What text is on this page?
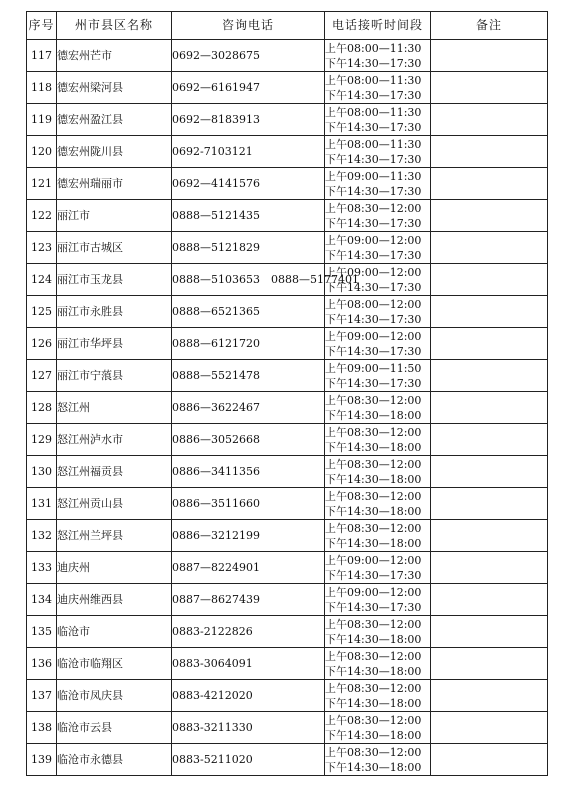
序号	州市县区名称	咨询电话	电话接听时间段	备注
117	德宏州芒市	0692—3028675	上午08:00—11:30
下午14:30—17:30	

118	德宏州梁河县	0692—6161947	上午08:00—11:30
下午14:30—17:30	

119	德宏州盈江县	0692—8183913	上午08:00—11:30
下午14:30—17:30	

120	德宏州陇川县	0692-7103121	上午08:00—11:30
下午14:30—17:30	

121	德宏州瑞丽市	0692—4141576	上午09:00—11:30
下午14:30—17:30	

122	丽江市	0888—5121435	上午08:30—12:00
下午14:30—17:30	

123	丽江市古城区	0888—5121829	上午09:00—12:00
下午14:30—17:30	

124	丽江市玉龙县	0888—5103653　0888—5177401	上午09:00—12:00
下午14:30—17:30	

125	丽江市永胜县	0888—6521365	上午08:00—12:00
下午14:30—17:30	

126	丽江市华坪县	0888—6121720	上午09:00—12:00
下午14:30—17:30	

127	丽江市宁蒗县	0888—5521478	上午09:00—11:50
下午14:30—17:30	

128	怒江州	0886—3622467	上午08:30—12:00
下午14:30—18:00	

129	怒江州泸水市	0886—3052668	上午08:30—12:00
下午14:30—18:00	

130	怒江州福贡县	0886—3411356	上午08:30—12:00
下午14:30—18:00	

131	怒江州贡山县	0886—3511660	上午08:30—12:00
下午14:30—18:00	

132	怒江州兰坪县	0886—3212199	上午08:30—12:00
下午14:30—18:00	

133	迪庆州	0887—8224901	上午09:00—12:00
下午14:30—17:30	

134	迪庆州维西县	0887—8627439	上午09:00—12:00
下午14:30—17:30	

135	临沧市	0883-2122826	上午08:30—12:00
下午14:30—18:00	

136	临沧市临翔区	0883-3064091	上午08:30—12:00
下午14:30—18:00	

137	临沧市凤庆县	0883-4212020	上午08:30—12:00
下午14:30—18:00	

138	临沧市云县	0883-3211330	上午08:30—12:00
下午14:30—18:00	

139	临沧市永德县	0883-5211020	上午08:30—12:00
下午14:30—18:00	
